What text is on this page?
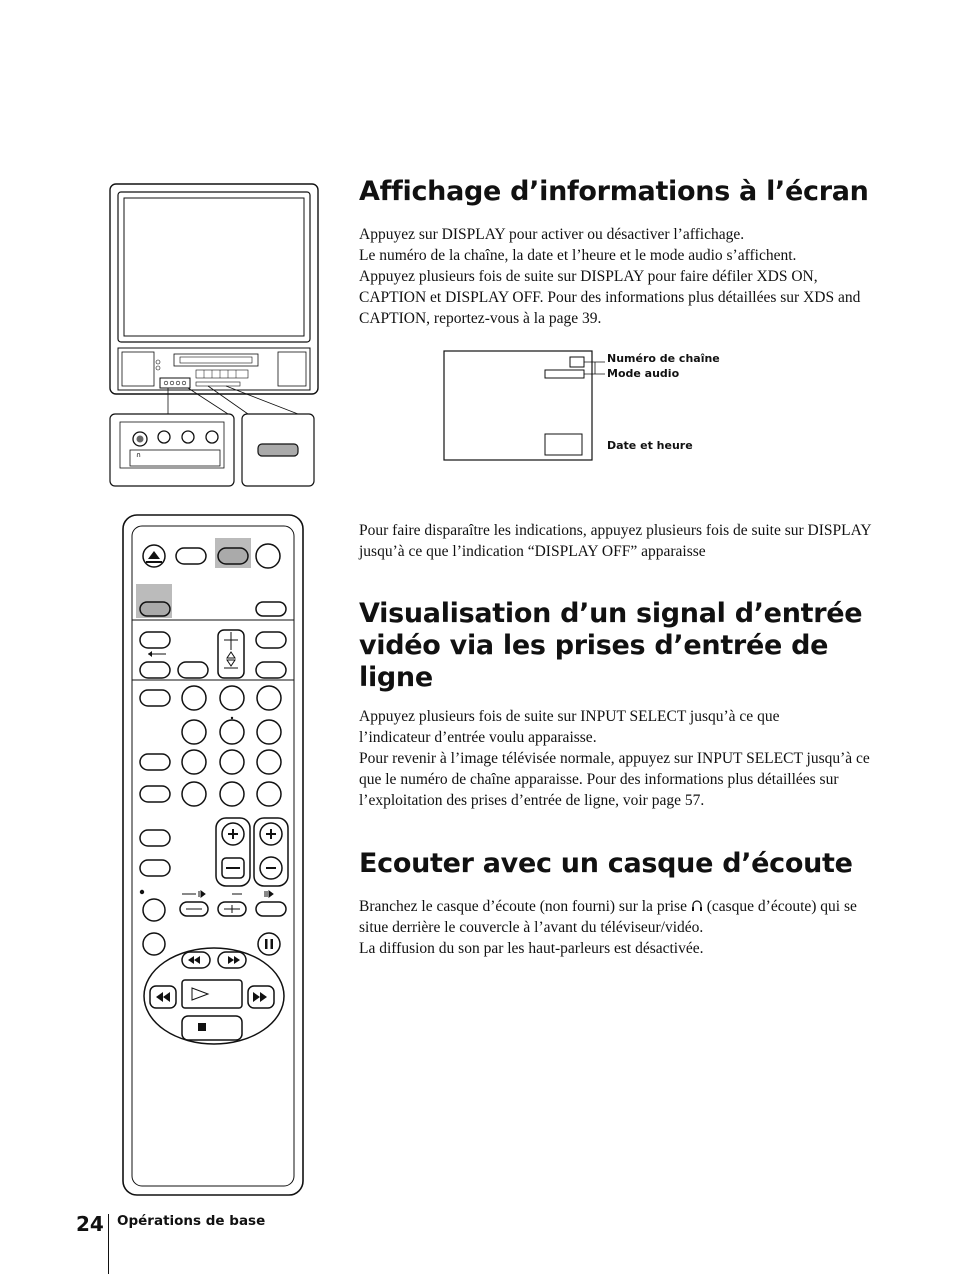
∩
Affichage d’informations à l’écran

Appuyez sur DISPLAY pour activer ou désactiver l’affichage.

Le numéro de la chaîne, la date et l’heure et le mode audio s’affichent.

Appuyez plusieurs fois de suite sur DISPLAY pour faire défiler XDS ON, CAPTION et DISPLAY OFF. Pour des informations plus détaillées sur XDS and CAPTION, reportez-vous à la page 39.

Numéro de chaîne
Mode audio
Date et heure

Pour faire disparaître les indications, appuyez plusieurs fois de suite sur DISPLAY jusqu’à ce que l’indication “DISPLAY OFF” apparaisse

Visualisation d’un signal d’entrée vidéo via les prises d’entrée de ligne

Appuyez plusieurs fois de suite sur INPUT SELECT jusqu’à ce que l’indicateur d’entrée voulu apparaisse.

Pour revenir à l’image télévisée normale, appuyez sur INPUT SELECT jusqu’à ce que le numéro de chaîne apparaisse. Pour des informations plus détaillées sur l’exploitation des prises d’entrée de ligne, voir page 57.

Ecouter avec un casque d’écoute

Branchez le casque d’écoute (non fourni) sur la prise (casque d’écoute) qui se situe derrière le couvercle à l’avant du téléviseur/vidéo.

La diffusion du son par les haut-parleurs est désactivée.

24 Opérations de base
